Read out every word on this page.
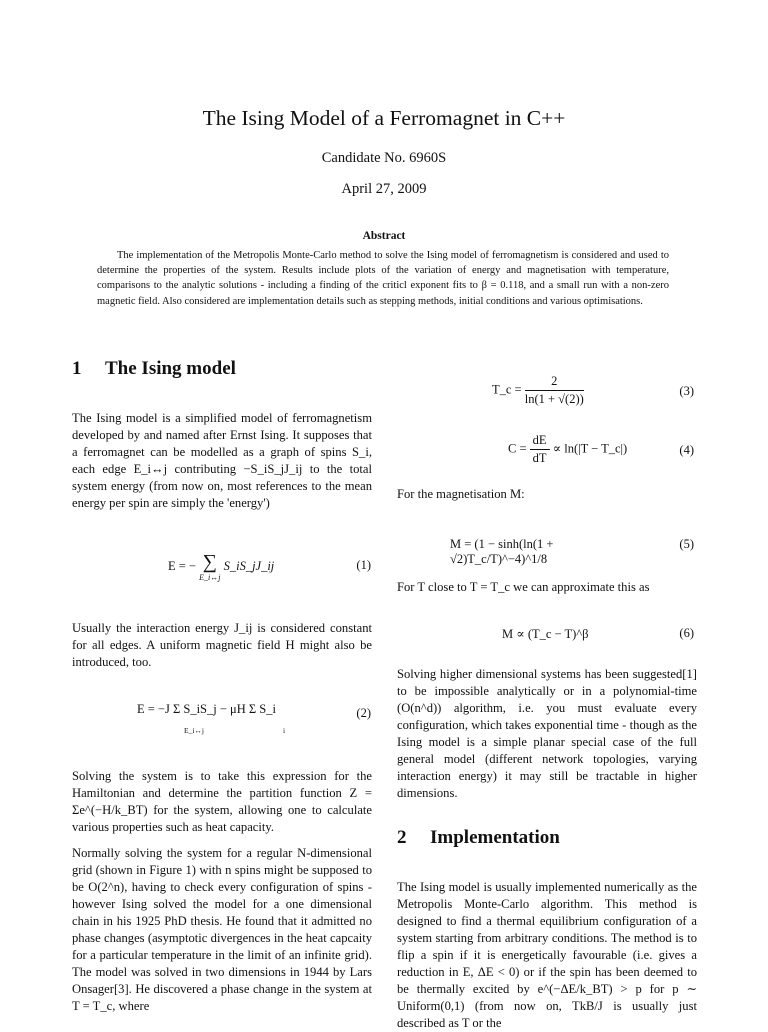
The Ising Model of a Ferromagnet in C++
Candidate No. 6960S
April 27, 2009
Abstract

The implementation of the Metropolis Monte-Carlo method to solve the Ising model of ferromagnetism is considered and used to determine the properties of the system. Results include plots of the variation of energy and magnetisation with temperature, comparisons to the analytic solutions - including a finding of the criticl exponent fits to β = 0.118, and a small run with a non-zero magnetic field. Also considered are implementation details such as stepping methods, initial conditions and various optimisations.

1 The Ising model

The Ising model is a simplified model of ferromagnetism developed by and named after Ernst Ising. It supposes that a ferromagnet can be modelled as a graph of spins S_i, each edge E_i↔j contributing −S_iS_jJ_ij to the total system energy (from now on, most references to the mean energy per spin are simply the 'energy')

E = − ∑
E_i↔j
S_iS_jJ_ij	(1)

Usually the interaction energy J_ij is considered constant for all edges. A uniform magnetic field H might also be introduced, too.

E = −J Σ S_iS_j − μH Σ S_i
E_i↔j	i
(2)

Solving the system is to take this expression for the Hamiltonian and determine the partition function Z = Σe^(−H/k_BT) for the system, allowing one to calculate various properties such as heat capacity.

Normally solving the system for a regular N-dimensional grid (shown in Figure 1) with n spins might be supposed to be O(2^n), having to check every configuration of spins - however Ising solved the model for a one dimensional chain in his 1925 PhD thesis. He found that it admitted no phase changes (asymptotic divergences in the heat capcaity for a particular temperature in the limit of an infinite grid). The model was solved in two dimensions in 1944 by Lars Onsager[3]. He discovered a phase change in the system at T = T_c, where

T_c = $\frac{2}{\ln(1 + √(2))}$	(3)
$C = \frac{dE}{dT} \propto \ln(|T$ − T_c|)	(4)

For the magnetisation M:

M = (1 − sinh(ln(1 + √2)T_c/T)^−4)^1/8
(5)

For T close to T = T_c we can approximate this as

M ∝ (T_c − T)^β	(6)

Solving higher dimensional systems has been suggested[1] to be impossible analytically or in a polynomial-time (O(n^d)) algorithm, i.e. you must evaluate every configuration, which takes exponential time - though as the Ising model is a simple planar special case of the full general model (different network topologies, varying interaction energy) it may still be tractable in higher dimensions.

2 Implementation

The Ising model is usually implemented numerically as the Metropolis Monte-Carlo algorithm. This method is designed to find a thermal equilibrium configuration of a system starting from arbitrary conditions. The method is to flip a spin if it is energetically favourable (i.e. gives a reduction in E, ΔE < 0) or if the spin has been deemed to be thermally excited by e^(−ΔE/k_BT) > p for p ∼ Uniform(0,1) (from now on, TkB/J is usually just described as T or the
